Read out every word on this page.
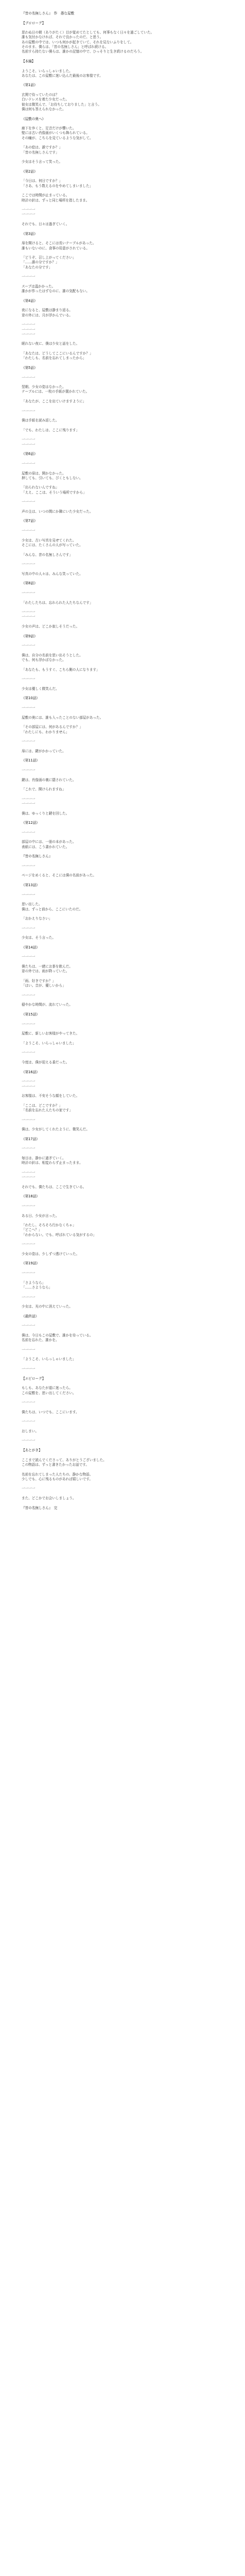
『昔の名無しさん』　作　愚な屋敷
【プロローグ】
思わぬ日の朝（ありがたく）目が覚めてたとしても、何事もなく日々を過ごしていた。
誰も気付かなければ、それで良かったのだ、と思う。
あの屋敷の中では、いつも何かが起きていて、それを見ないふりをして。
そのまま、僕らは、「昔の名無しさん」と呼ばれ続ける。
名前すら持たない僕らは、誰かの記憶の中で、ひっそりと生き続けるのだろう。
【本編】
ようこそ、いらっしゃいました。
あなたは、この屋敷に迷い込んだ最後のお客様です。
《第1話》
玄関で待っていたのは？
白いドレスを着た少女だった。
彼女は微笑んで、「お待ちしておりました」と言う。
僕は何も答えられなかった。
《屋敷の奥へ》
廊下を歩くと、足音だけが響いた。
壁には古い肖像画がいくつも飾られている。
その瞳が、こちらを見ているような気がして。
「あの絵は、誰ですか？」
「昔の名無しさんです」
少女はそう言って笑った。
《第2話》
「今日は、何日ですか？」
「さあ、もう数えるのをやめてしまいました」
ここでは時間が止まっている。
時計の針は、ずっと同じ場所を指したまま。
一一一一
一一一一
それでも、日々は過ぎていく。
《第3話》
扉を開けると、そこには長いテーブルがあった。
誰もいないのに、食事の用意がされている。
「どうぞ、召し上がってください」
「……誰の分ですか？」
「あなたの分です」
一一一一
スープは温かかった。
誰かが作ったはずなのに、誰の気配もない。
《第4話》
夜になると、屋敷は静まり返る。
窓の外には、月が浮かんでいる。
一一一一
一一一一
一一一一
眠れない夜に、僕は少女と話をした。
「あなたは、どうしてここにいるんですか？」
「わたしも、名前を忘れてしまったから」
《第5話》
一一一一
翌朝、少女の姿はなかった。
テーブルには、一枚の手紙が置かれていた。
「あなたが、ここを出ていけますように」
一一一一
僕は手紙を読み返した。
「でも、わたしは、ここに残ります」
一一一一
一一一一
《第6話》
一一一一
屋敷の扉は、開かなかった。
押しても、引いても、びくともしない。
「出られないんですね」
「ええ、ここは、そういう場所ですから」
一一一一
声の主は、いつの間にか隣にいた少女だった。
《第7話》
一一一一
少女は、古い写真を見せてくれた。
そこには、たくさんの人が写っていた。
「みんな、昔の名無しさんです」
一一一一
写真の中の人々は、みんな笑っていた。
《第8話》
一一一一
「わたしたちは、忘れられた人たちなんです」
一一一一
一一一一
少女の声は、どこか寂しそうだった。
《第9話》
一一一一
僕は、自分の名前を思い出そうとした。
でも、何も浮かばなかった。
「あなたも、もうすぐ、こちら側の人になります」
一一一一
少女は優しく微笑んだ。
《第10話》
一一一一
屋敷の奥には、誰も入ったことのない部屋があった。
「その部屋には、何があるんですか？」
「わたしにも、わかりません」
一一一一
扉には、鍵がかかっていた。
《第11話》
一一一一
鍵は、肖像画の裏に隠されていた。
「これで、開けられますね」
一一一一
一一一一
僕は、ゆっくりと鍵を回した。
《第12話》
一一一一
部屋の中には、一冊の本があった。
表紙には、こう書かれていた。
『昔の名無しさん』
一一一一
ページをめくると、そこには僕の名前があった。
《第13話》
一一一一
思い出した。
僕は、ずっと前から、ここにいたのだ。
「おかえりなさい」
一一一一
少女は、そう言った。
《第14話》
一一一一
僕たちは、一緒にお茶を飲んだ。
窓の外では、雨が降っていた。
「雨、好きですか？」
「はい。音が、優しいから」
一一一一
穏やかな時間が、流れていった。
《第15話》
一一一一
屋敷に、新しいお客様がやってきた。
「ようこそ、いらっしゃいました」
一一一一
今度は、僕が迎える番だった。
《第16話》
一一一一
一一一一
お客様は、不安そうな顔をしていた。
「ここは、どこですか？」
「名前を忘れた人たちの家です」
一一一一
僕は、少女がしてくれたように、微笑んだ。
《第17話》
一一一一
毎日は、静かに過ぎていく。
時計の針は、相変わらず止まったまま。
一一一一
一一一一
それでも、僕たちは、ここで生きている。
《第18話》
一一一一
ある日、少女が言った。
「わたし、そろそろ行かなくちゃ」
「どこへ？」
「わからない。でも、呼ばれている気がするの」
一一一一
少女の姿は、少しずつ透けていった。
《第19話》
一一一一
「さようなら」
「……さようなら」
一一一一
少女は、光の中に消えていった。
《最終話》
一一一一
僕は、今日もこの屋敷で、誰かを待っている。
名前を忘れた、誰かを。
一一一一
「ようこそ、いらっしゃいました」
一一一一
【エピローグ】
もしも、あなたが道に迷ったら。
この屋敷を、思い出してください。
一一一一
僕たちは、いつでも、ここにいます。
一一一一
おしまい。
一一一一
【あとがき】
ここまで読んでくださって、ありがとうございました。
この物語は、ずっと書きたかったお話です。
名前を忘れてしまった人たちの、静かな物語。
少しでも、心に残るものがあれば嬉しいです。
一一一一
また、どこかでお会いしましょう。
『昔の名無しさん』　完
